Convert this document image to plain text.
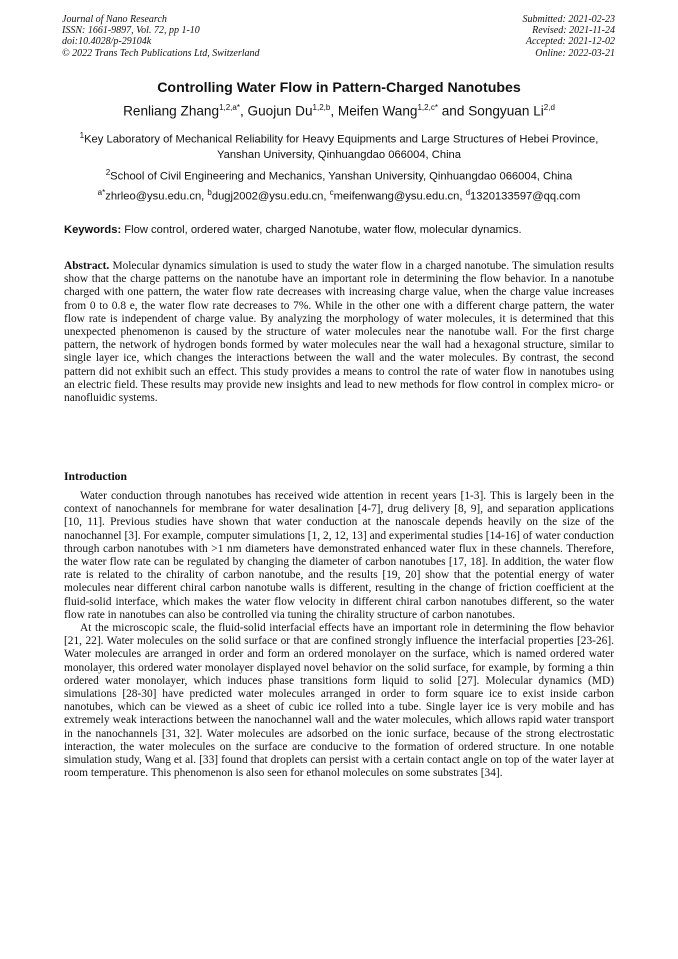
Journal of Nano Research
ISSN: 1661-9897, Vol. 72, pp 1-10
doi:10.4028/p-29104k
© 2022 Trans Tech Publications Ltd, Switzerland
Submitted: 2021-02-23
Revised: 2021-11-24
Accepted: 2021-12-02
Online: 2022-03-21
Controlling Water Flow in Pattern-Charged Nanotubes
Renliang Zhang$^{1,2,a*}$, Guojun Du$^{1,2,b}$, Meifen Wang$^{1,2,c*}$ and Songyuan Li$^{2,d}$
$^1$Key Laboratory of Mechanical Reliability for Heavy Equipments and Large Structures of Hebei Province, Yanshan University, Qinhuangdao 066004, China
$^2$School of Civil Engineering and Mechanics, Yanshan University, Qinhuangdao 066004, China
$^{a*}$zhrleo@ysu.edu.cn, $^b$dugj2002@ysu.edu.cn, $^c$meifenwang@ysu.edu.cn, $^d$1320133597@qq.com
Keywords: Flow control, ordered water, charged Nanotube, water flow, molecular dynamics.
Abstract. Molecular dynamics simulation is used to study the water flow in a charged nanotube. The simulation results show that the charge patterns on the nanotube have an important role in determining the flow behavior. In a nanotube charged with one pattern, the water flow rate decreases with increasing charge value, when the charge value increases from 0 to 0.8 e, the water flow rate decreases to 7%. While in the other one with a different charge pattern, the water flow rate is independent of charge value. By analyzing the morphology of water molecules, it is determined that this unexpected phenomenon is caused by the structure of water molecules near the nanotube wall. For the first charge pattern, the network of hydrogen bonds formed by water molecules near the wall had a hexagonal structure, similar to single layer ice, which changes the interactions between the wall and the water molecules. By contrast, the second pattern did not exhibit such an effect. This study provides a means to control the rate of water flow in nanotubes using an electric field. These results may provide new insights and lead to new methods for flow control in complex micro- or nanofluidic systems.
Introduction

Water conduction through nanotubes has received wide attention in recent years [1-3]. This is largely been in the context of nanochannels for membrane for water desalination [4-7], drug delivery [8, 9], and separation applications [10, 11]. Previous studies have shown that water conduction at the nanoscale depends heavily on the size of the nanochannel [3]. For example, computer simulations [1, 2, 12, 13] and experimental studies [14-16] of water conduction through carbon nanotubes with >1 nm diameters have demonstrated enhanced water flux in these channels. Therefore, the water flow rate can be regulated by changing the diameter of carbon nanotubes [17, 18]. In addition, the water flow rate is related to the chirality of carbon nanotube, and the results [19, 20] show that the potential energy of water molecules near different chiral carbon nanotube walls is different, resulting in the change of friction coefficient at the fluid-solid interface, which makes the water flow velocity in different chiral carbon nanotubes different, so the water flow rate in nanotubes can also be controlled via tuning the chirality structure of carbon nanotubes.

At the microscopic scale, the fluid-solid interfacial effects have an important role in determining the flow behavior [21, 22]. Water molecules on the solid surface or that are confined strongly influence the interfacial properties [23-26]. Water molecules are arranged in order and form an ordered monolayer on the surface, which is named ordered water monolayer, this ordered water monolayer displayed novel behavior on the solid surface, for example, by forming a thin ordered water monolayer, which induces phase transitions form liquid to solid [27]. Molecular dynamics (MD) simulations [28-30] have predicted water molecules arranged in order to form square ice to exist inside carbon nanotubes, which can be viewed as a sheet of cubic ice rolled into a tube. Single layer ice is very mobile and has extremely weak interactions between the nanochannel wall and the water molecules, which allows rapid water transport in the nanochannels [31, 32]. Water molecules are adsorbed on the ionic surface, because of the strong electrostatic interaction, the water molecules on the surface are conducive to the formation of ordered structure. In one notable simulation study, Wang et al. [33] found that droplets can persist with a certain contact angle on top of the water layer at room temperature. This phenomenon is also seen for ethanol molecules on some substrates [34].
